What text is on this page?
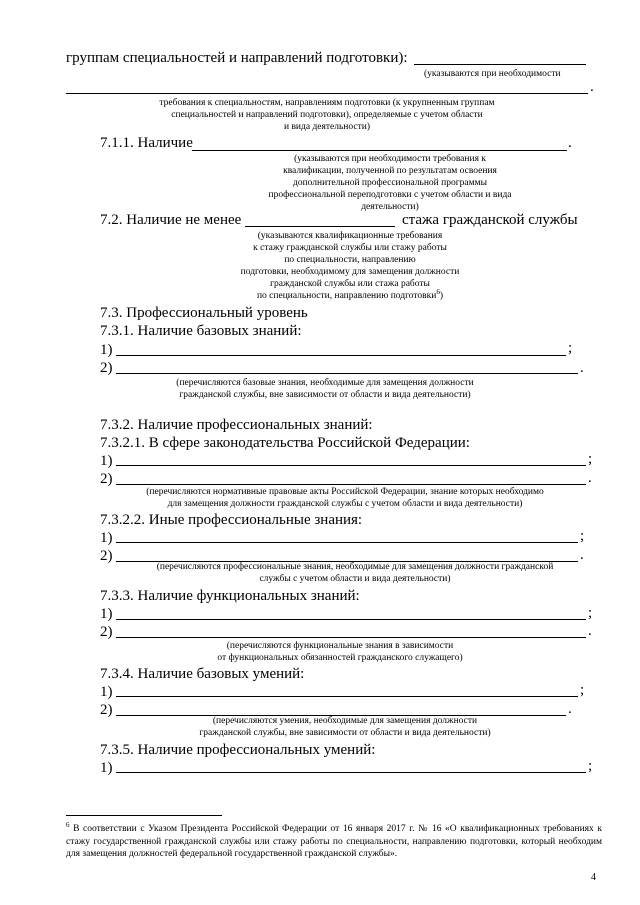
группам специальностей и направлений подготовки):
(указываются при необходимости
.
требования к специальностям, направлениям подготовки (к укрупненным группам
специальностей и направлений подготовки), определяемые с учетом области
и вида деятельности)
7.1.1. Наличие	.
(указываются при необходимости требования к
квалификации, полученной по результатам освоения
дополнительной профессиональной программы
профессиональной переподготовки с учетом области и вида
деятельности)
7.2. Наличие не менее	стажа гражданской службы
(указываются квалификационные требования
к стажу гражданской службы или стажу работы
по специальности, направлению
подготовки, необходимому для замещения должности
гражданской службы или стажа работы
по специальности, направлению подготовки$^6$)
7.3. Профессиональный уровень
7.3.1. Наличие базовых знаний:
1)	;
2)	.
(перечисляются базовые знания, необходимые для замещения должности
гражданской службы, вне зависимости от области и вида деятельности)
7.3.2. Наличие профессиональных знаний:
7.3.2.1. В сфере законодательства Российской Федерации:
1)	;
2)	.
(перечисляются нормативные правовые акты Российской Федерации, знание которых необходимо
для замещения должности гражданской службы с учетом области и вида деятельности)
7.3.2.2. Иные профессиональные знания:
1)	;
2)	.
(перечисляются профессиональные знания, необходимые для замещения должности гражданской
службы с учетом области и вида деятельности)
7.3.3. Наличие функциональных знаний:
1)	;
2)	.
(перечисляются функциональные знания в зависимости
от функциональных обязанностей гражданского служащего)
7.3.4. Наличие базовых умений:
1)	;
2)	.
(перечисляются умения, необходимые для замещения должности
гражданской службы, вне зависимости от области и вида деятельности)
7.3.5. Наличие профессиональных умений:
1)	;
$^6$ В соответствии с Указом Президента Российской Федерации от 16 января 2017 г. № 16 «О квалификационных требованиях к стажу государственной гражданской службы или стажу работы по специальности, направлению подготовки, который необходим для замещения должностей федеральной государственной гражданской службы».
4
